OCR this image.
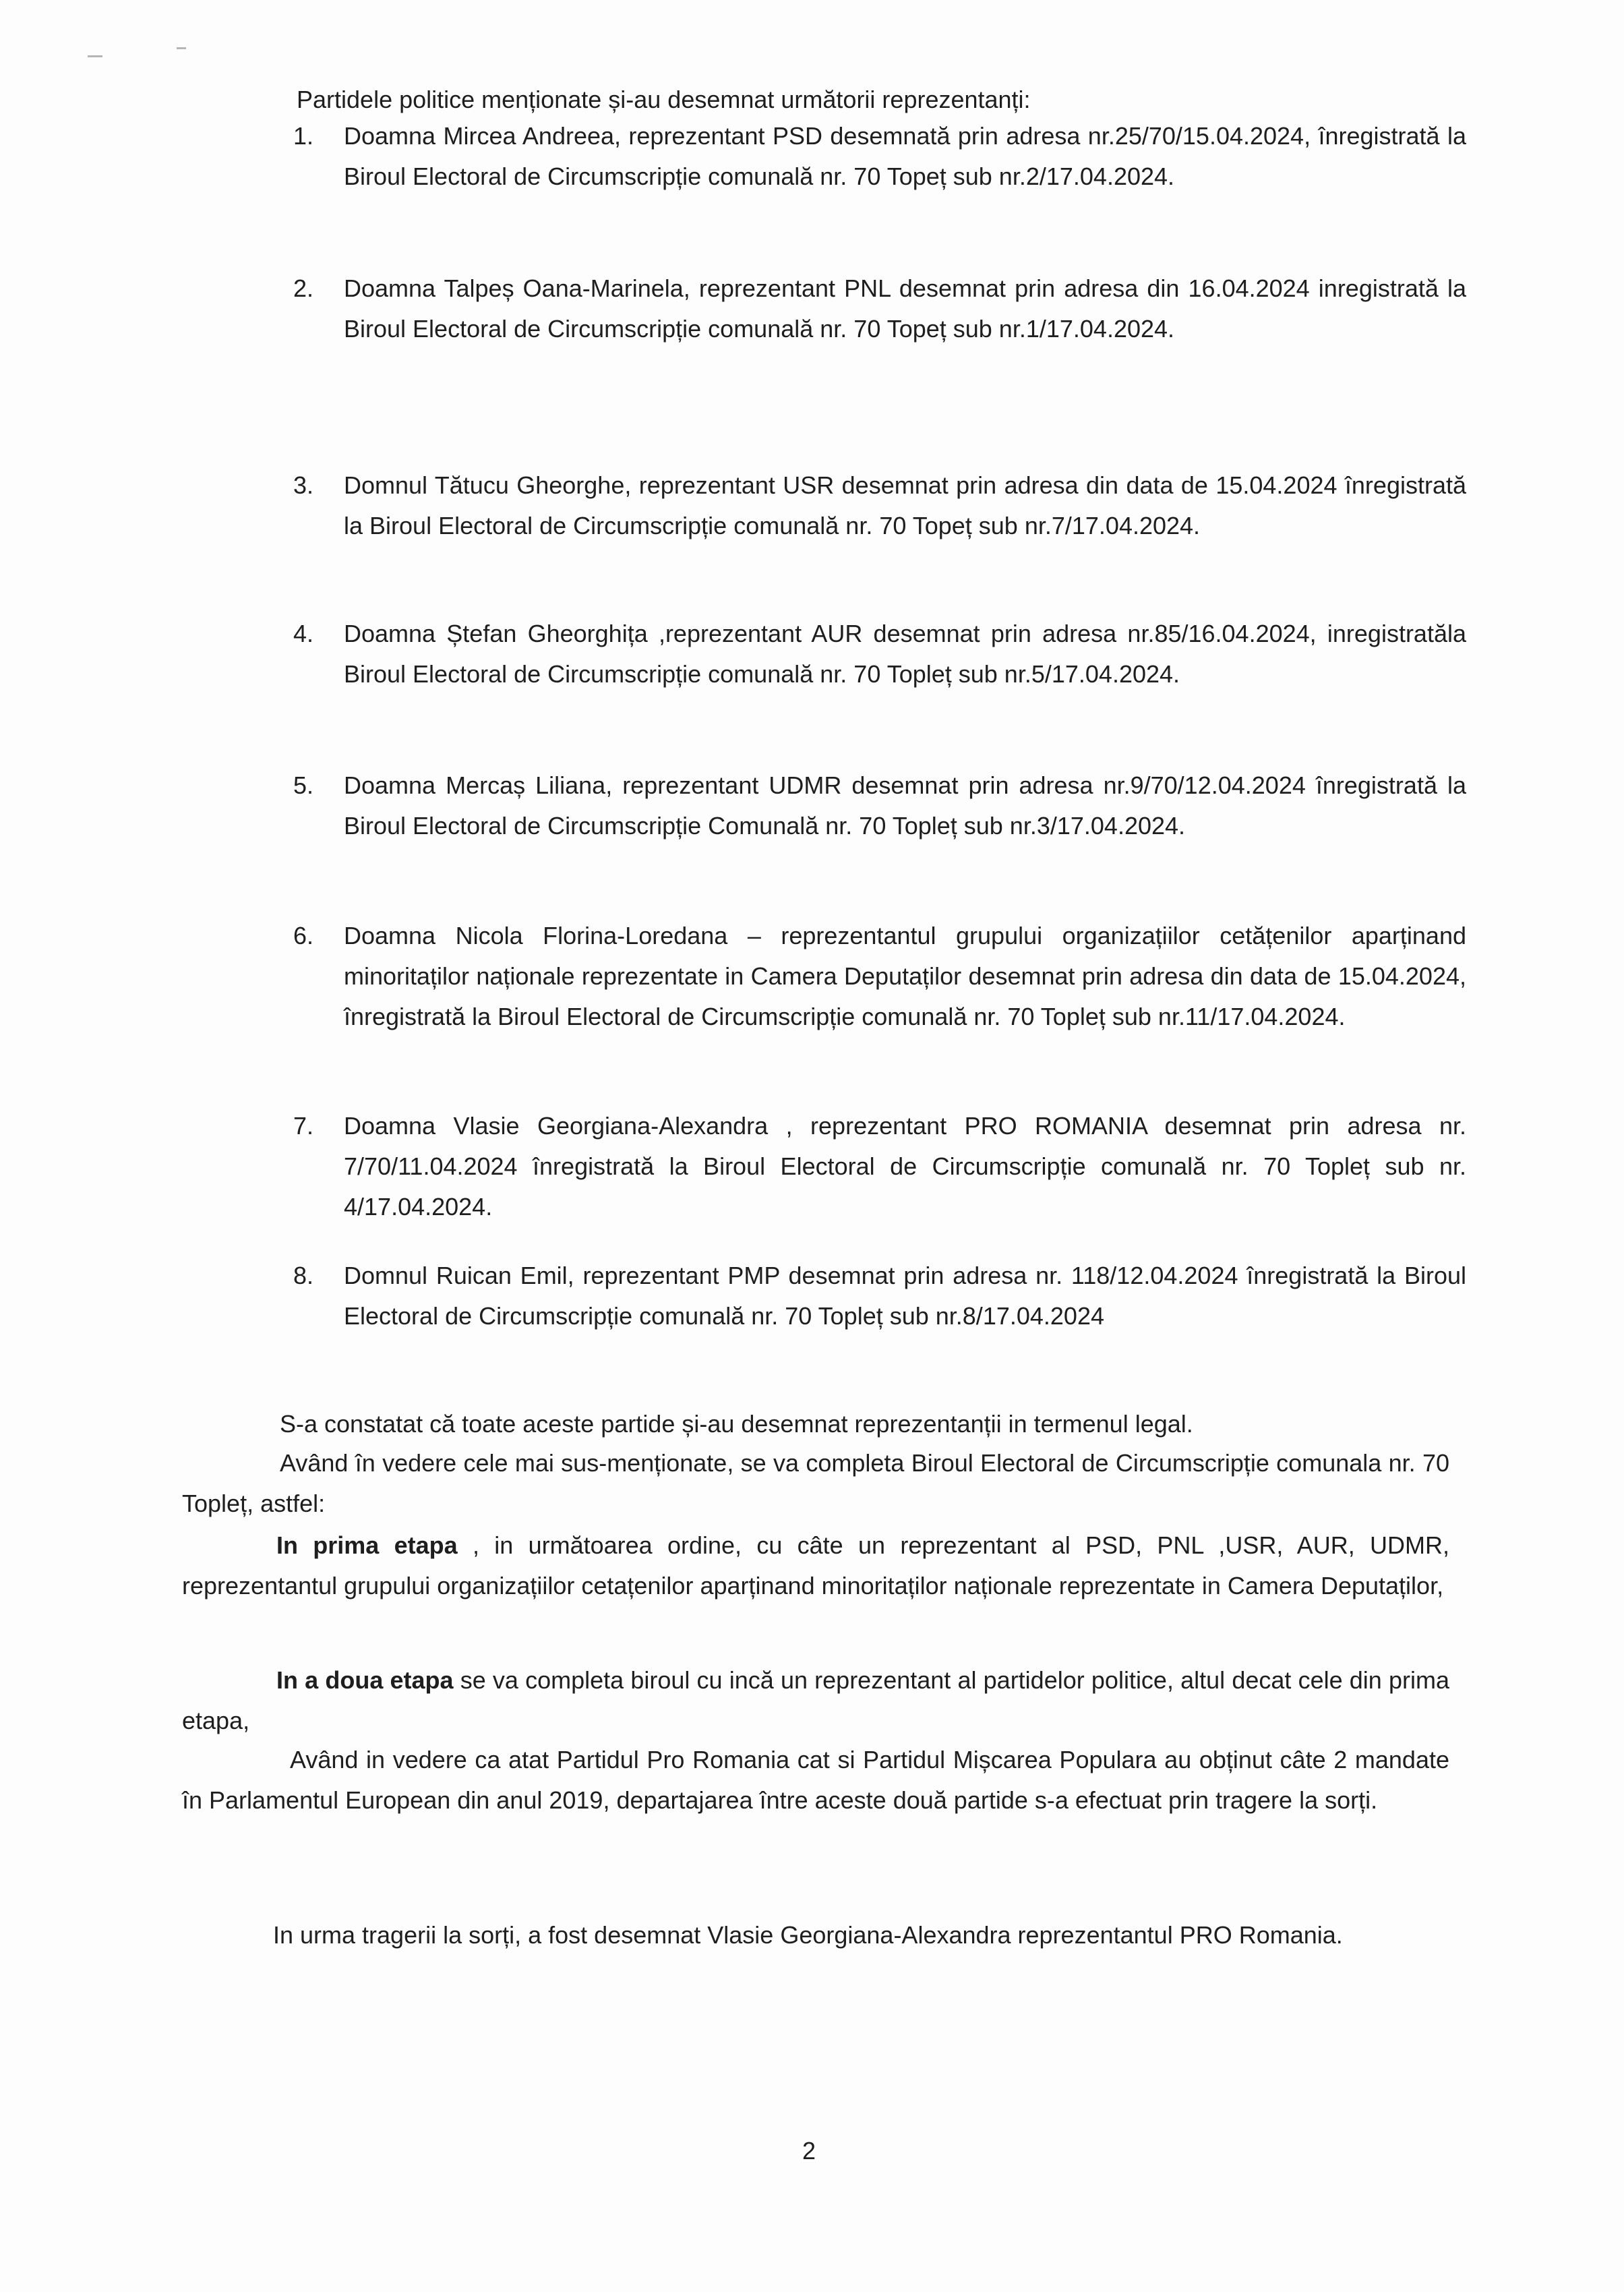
Partidele politice menționate și-au desemnat următorii reprezentanți:

1.	Doamna Mircea Andreea, reprezentant PSD desemnată prin adresa nr.25/70/15.04.2024, înregistrată la Biroul Electoral de Circumscripție comunală nr. 70 Topeț sub nr.2/17.04.2024.

2.	Doamna Talpeș Oana-Marinela, reprezentant PNL desemnat prin adresa din 16.04.2024 inregistrată la Biroul Electoral de Circumscripție comunală nr. 70 Topeț sub nr.1/17.04.2024.

3.	Domnul Tătucu Gheorghe, reprezentant USR desemnat prin adresa din data de 15.04.2024 înregistrată la Biroul Electoral de Circumscripție comunală nr. 70 Topeț sub nr.7/17.04.2024.

4.	Doamna Ștefan Gheorghița ,reprezentant AUR desemnat prin adresa nr.85/16.04.2024, inregistratăla Biroul Electoral de Circumscripție comunală nr. 70 Topleț sub nr.5/17.04.2024.

5.	Doamna Mercaș Liliana, reprezentant UDMR desemnat prin adresa nr.9/70/12.04.2024 înregistrată la Biroul Electoral de Circumscripție Comunală nr. 70 Topleț sub nr.3/17.04.2024.

6.	Doamna Nicola Florina-Loredana – reprezentantul grupului organizațiilor cetățenilor aparținand minoritaților naționale reprezentate in Camera Deputaților desemnat prin adresa din data de 15.04.2024, înregistrată la Biroul Electoral de Circumscripție comunală nr. 70 Topleț sub nr.11/17.04.2024.

7.	Doamna Vlasie Georgiana-Alexandra , reprezentant PRO ROMANIA desemnat prin adresa nr. 7/70/11.04.2024 înregistrată la Biroul Electoral de Circumscripție comunală nr. 70 Topleț sub nr. 4/17.04.2024.

8.	Domnul Ruican Emil, reprezentant PMP desemnat prin adresa nr. 118/12.04.2024 înregistrată la Biroul Electoral de Circumscripție comunală nr. 70 Topleț sub nr.8/17.04.2024

S-a constatat că toate aceste partide și-au desemnat reprezentanții in termenul legal.

Având în vedere cele mai sus-menționate, se va completa Biroul Electoral de Circumscripție comunala nr. 70 Topleț, astfel:

In prima etapa , in următoarea ordine, cu câte un reprezentant al PSD, PNL ,USR, AUR, UDMR, reprezentantul grupului organizațiilor cetațenilor aparținand minoritaților naționale reprezentate in Camera Deputaților,

In a doua etapa se va completa biroul cu incă un reprezentant al partidelor politice, altul decat cele din prima etapa,

Având in vedere ca atat Partidul Pro Romania cat si Partidul Mișcarea Populara au obținut câte 2 mandate în Parlamentul European din anul 2019, departajarea între aceste două partide s-a efectuat prin tragere la sorți.

In urma tragerii la sorți, a fost desemnat Vlasie Georgiana-Alexandra reprezentantul PRO Romania.

2
